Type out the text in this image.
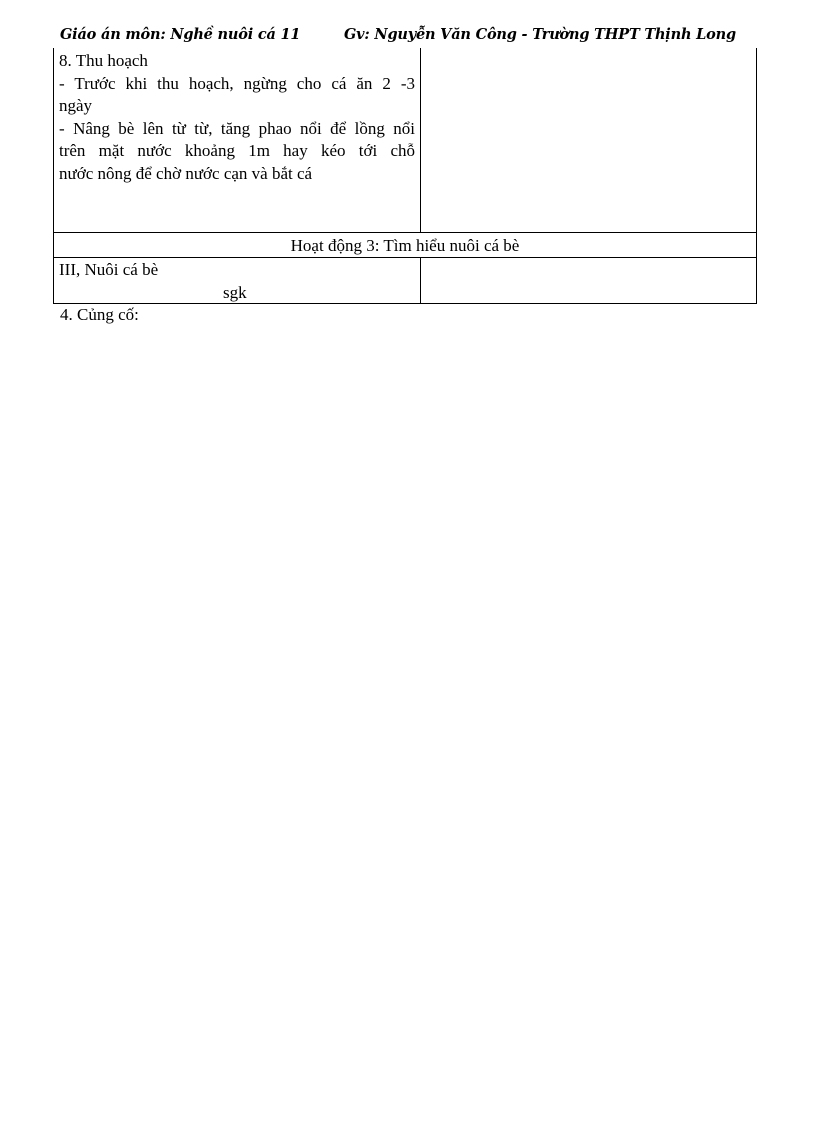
Giáo án môn: Nghề nuôi cá 11	Gv: Nguyễn Văn Công - Trường THPT Thịnh Long
8. Thu hoạch
- Trước khi thu hoạch, ngừng cho cá ăn 2 -3
ngày
- Nâng bè lên từ từ, tăng phao nổi để lồng nổi
trên mặt nước khoảng 1m hay kéo tới chỗ
nước nông để chờ nước cạn và bắt cá
Hoạt động 3: Tìm hiểu nuôi cá bè
III, Nuôi cá bè
sgk
4. Củng cố:
